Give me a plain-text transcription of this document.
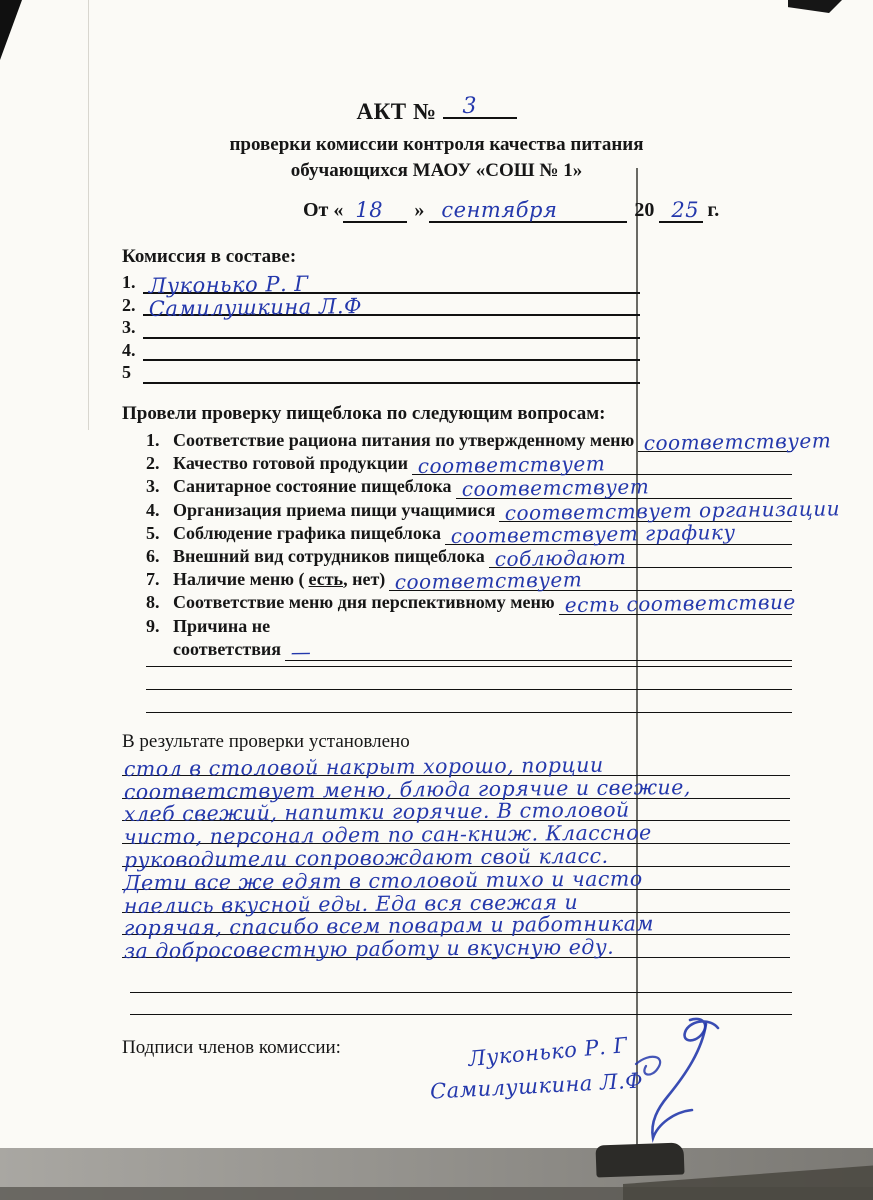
АКТ № 3
проверки комиссии контроля качества питания
обучающихся МАОУ «СОШ № 1»
От « 18 » сентября	20 25 г.
Комиссия в составе:
1. Луконько Р. Г
2. Самилушкина Л.Ф
3.
4.
5
Провели проверку пищеблока по следующим вопросам:
1. Соответствие рациона питания по утвержденному меню соответствует
2. Качество готовой продукции соответствует
3. Санитарное состояние пищеблока соответствует
4. Организация приема пищи учащимися соответствует организации
5. Соблюдение графика пищеблока соответствует графику
6. Внешний вид сотрудников пищеблока соблюдают
7. Наличие меню ( есть , нет) соответствует
8. Соответствие меню дня перспективному меню есть соответствие
9. Причина не
соответствия —
В результате проверки установлено
стол в столовой накрыт хорошо, порции
соответствует меню, блюда горячие и свежие,
хлеб свежий, напитки горячие. В столовой
чисто, персонал одет по сан-книж. Классное
руководители сопровождают свой класс.
Дети все же едят в столовой тихо и часто
наелись вкусной еды. Еда вся свежая и
горячая, спасибо всем поварам и работникам
за добросовестную работу и вкусную еду.
Подписи членов комиссии:	Луконько Р. Г
Самилушкина Л.Ф
